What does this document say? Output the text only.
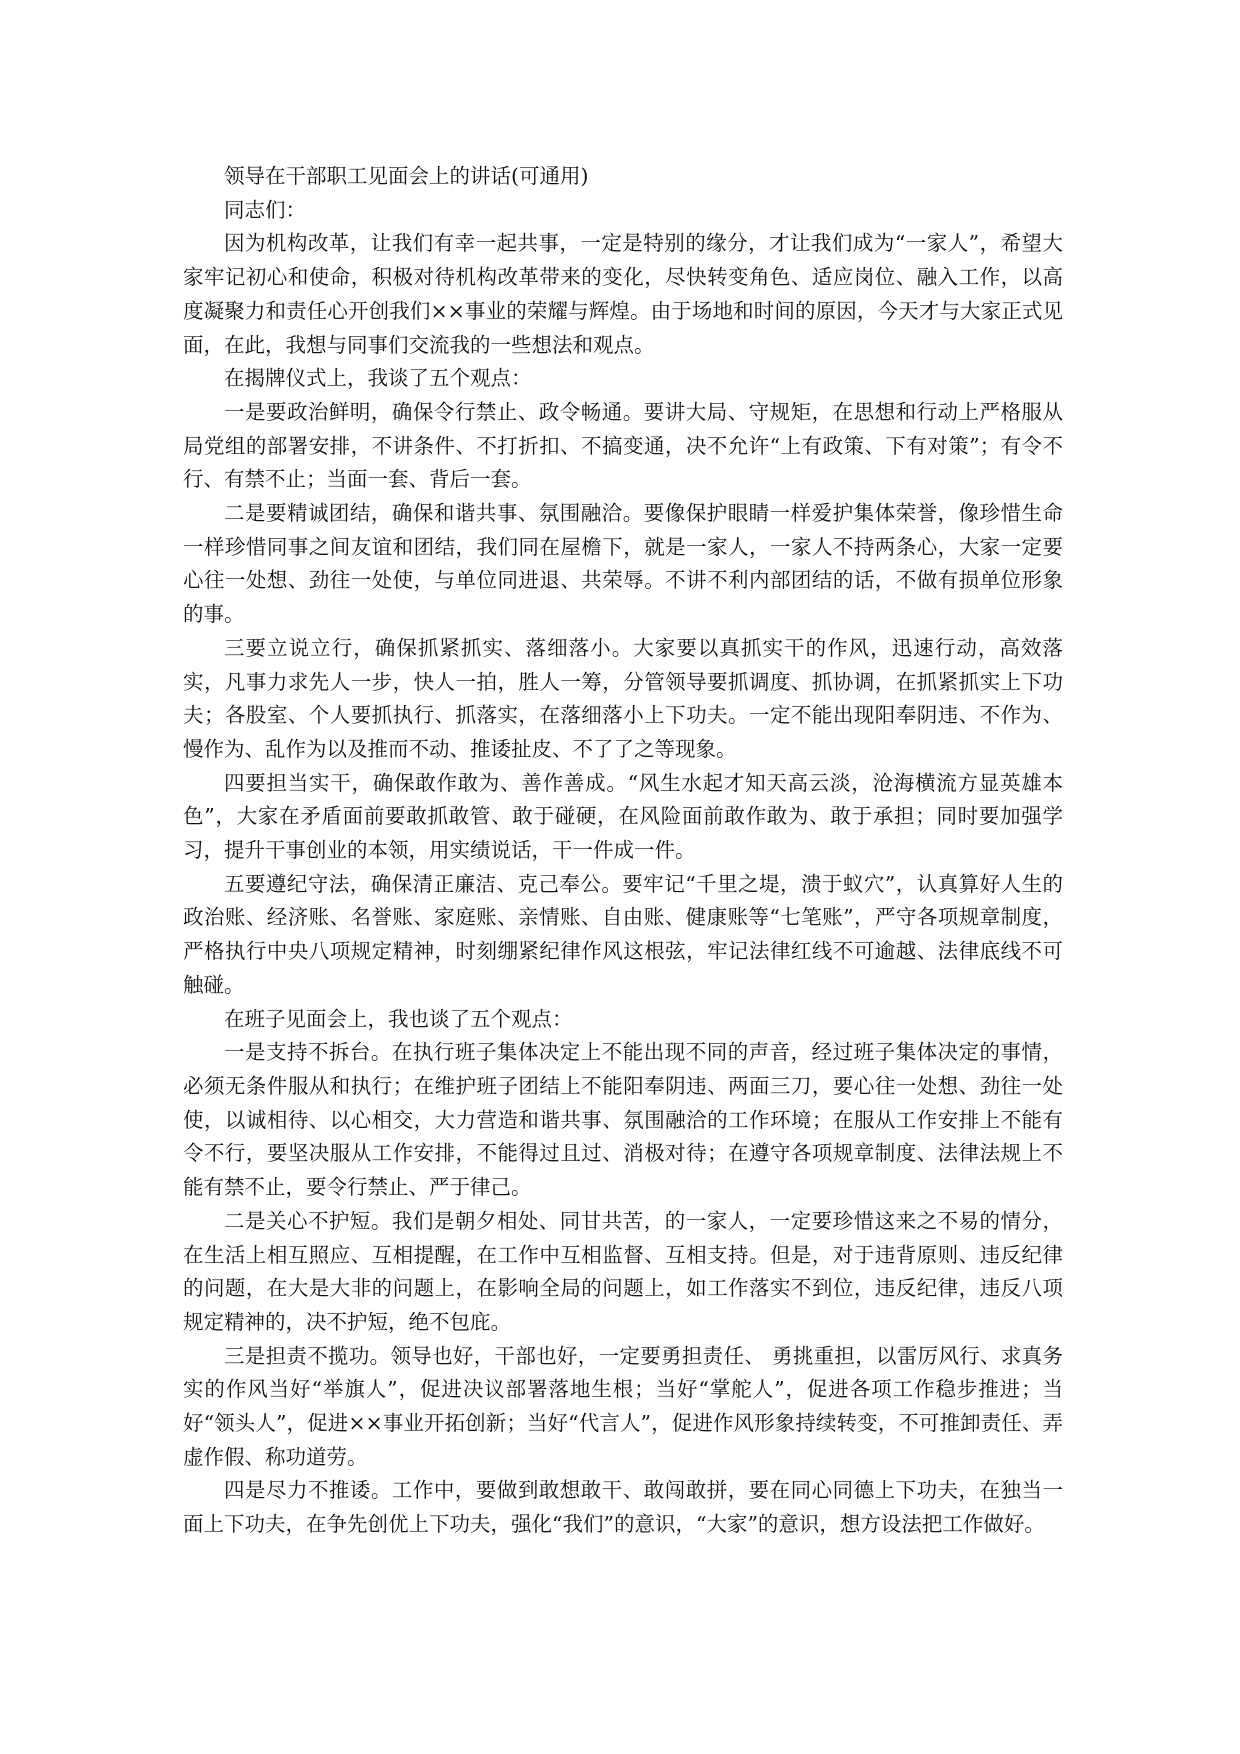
领导在干部职工见面会上的讲话(可通用)

同志们：

因为机构改革，让我们有幸一起共事，一定是特别的缘分，才让我们成为“一家人”，希望大家牢记初心和使命，积极对待机构改革带来的变化，尽快转变角色、适应岗位、融入工作，以高度凝聚力和责任心开创我们××事业的荣耀与辉煌。由于场地和时间的原因，今天才与大家正式见面，在此，我想与同事们交流我的一些想法和观点。

在揭牌仪式上，我谈了五个观点：

一是要政治鲜明，确保令行禁止、政令畅通。要讲大局、守规矩，在思想和行动上严格服从局党组的部署安排，不讲条件、不打折扣、不搞变通，决不允许“上有政策、下有对策”；有令不行、有禁不止；当面一套、背后一套。

二是要精诚团结，确保和谐共事、氛围融洽。要像保护眼睛一样爱护集体荣誉，像珍惜生命一样珍惜同事之间友谊和团结，我们同在屋檐下，就是一家人，一家人不持两条心，大家一定要心往一处想、劲往一处使，与单位同进退、共荣辱。不讲不利内部团结的话，不做有损单位形象的事。

三要立说立行，确保抓紧抓实、落细落小。大家要以真抓实干的作风，迅速行动，高效落实，凡事力求先人一步，快人一拍，胜人一筹，分管领导要抓调度、抓协调，在抓紧抓实上下功夫；各股室、个人要抓执行、抓落实，在落细落小上下功夫。一定不能出现阳奉阴违、不作为、慢作为、乱作为以及推而不动、推诿扯皮、不了了之等现象。

四要担当实干，确保敢作敢为、善作善成。“风生水起才知天高云淡，沧海横流方显英雄本色”，大家在矛盾面前要敢抓敢管、敢于碰硬，在风险面前敢作敢为、敢于承担；同时要加强学习，提升干事创业的本领，用实绩说话，干一件成一件。

五要遵纪守法，确保清正廉洁、克己奉公。要牢记“千里之堤，溃于蚁穴”，认真算好人生的政治账、经济账、名誉账、家庭账、亲情账、自由账、健康账等“七笔账”，严守各项规章制度，严格执行中央八项规定精神，时刻绷紧纪律作风这根弦，牢记法律红线不可逾越、法律底线不可触碰。

在班子见面会上，我也谈了五个观点：

一是支持不拆台。在执行班子集体决定上不能出现不同的声音，经过班子集体决定的事情，必须无条件服从和执行；在维护班子团结上不能阳奉阴违、两面三刀，要心往一处想、劲往一处使，以诚相待、以心相交，大力营造和谐共事、氛围融洽的工作环境；在服从工作安排上不能有令不行，要坚决服从工作安排，不能得过且过、消极对待；在遵守各项规章制度、法律法规上不能有禁不止，要令行禁止、严于律己。

二是关心不护短。我们是朝夕相处、同甘共苦，的一家人，一定要珍惜这来之不易的情分，在生活上相互照应、互相提醒，在工作中互相监督、互相支持。但是，对于违背原则、违反纪律的问题，在大是大非的问题上，在影响全局的问题上，如工作落实不到位，违反纪律，违反八项规定精神的，决不护短，绝不包庇。

三是担责不揽功。领导也好，干部也好，一定要勇担责任、 勇挑重担，以雷厉风行、求真务实的作风当好“举旗人”，促进决议部署落地生根；当好“掌舵人”，促进各项工作稳步推进；当好“领头人”，促进××事业开拓创新；当好“代言人”，促进作风形象持续转变，不可推卸责任、弄虚作假、称功道劳。

四是尽力不推诿。工作中，要做到敢想敢干、敢闯敢拼，要在同心同德上下功夫，在独当一面上下功夫，在争先创优上下功夫，强化“我们”的意识，“大家”的意识，想方设法把工作做好。
